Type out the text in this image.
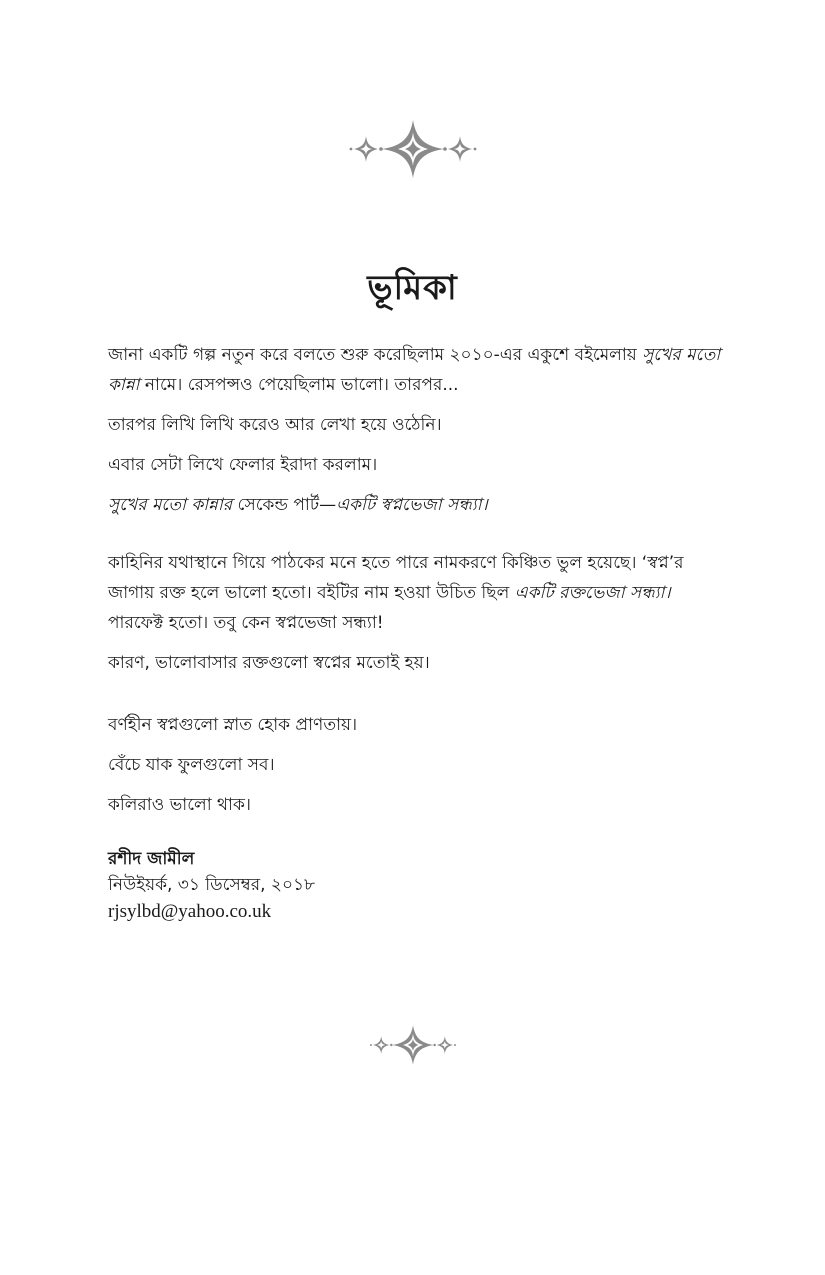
ভূমিকা

জানা একটি গল্প নতুন করে বলতে শুরু করেছিলাম ২০১০-এর একুশে বইমেলায় সুখের মতো কান্না নামে। রেসপন্সও পেয়েছিলাম ভালো। তারপর...

তারপর লিখি লিখি করেও আর লেখা হয়ে ওঠেনি।

এবার সেটা লিখে ফেলার ইরাদা করলাম।

সুখের মতো কান্নার সেকেন্ড পার্ট—একটি স্বপ্নভেজা সন্ধ্যা।

কাহিনির যথাস্থানে গিয়ে পাঠকের মনে হতে পারে নামকরণে কিঞ্চিত ভুল হয়েছে। ‘স্বপ্ন’র জাগায় রক্ত হলে ভালো হতো। বইটির নাম হওয়া উচিত ছিল একটি রক্তভেজা সন্ধ্যা। পারফেক্ট হতো। তবু কেন স্বপ্নভেজা সন্ধ্যা!

কারণ, ভালোবাসার রক্তগুলো স্বপ্নের মতোই হয়।

বর্ণহীন স্বপ্নগুলো স্নাত হোক প্রাণতায়।

বেঁচে যাক ফুলগুলো সব।

কলিরাও ভালো থাক।

রশীদ জামীল
নিউইয়র্ক, ৩১ ডিসেম্বর, ২০১৮
rjsylbd@yahoo.co.uk
